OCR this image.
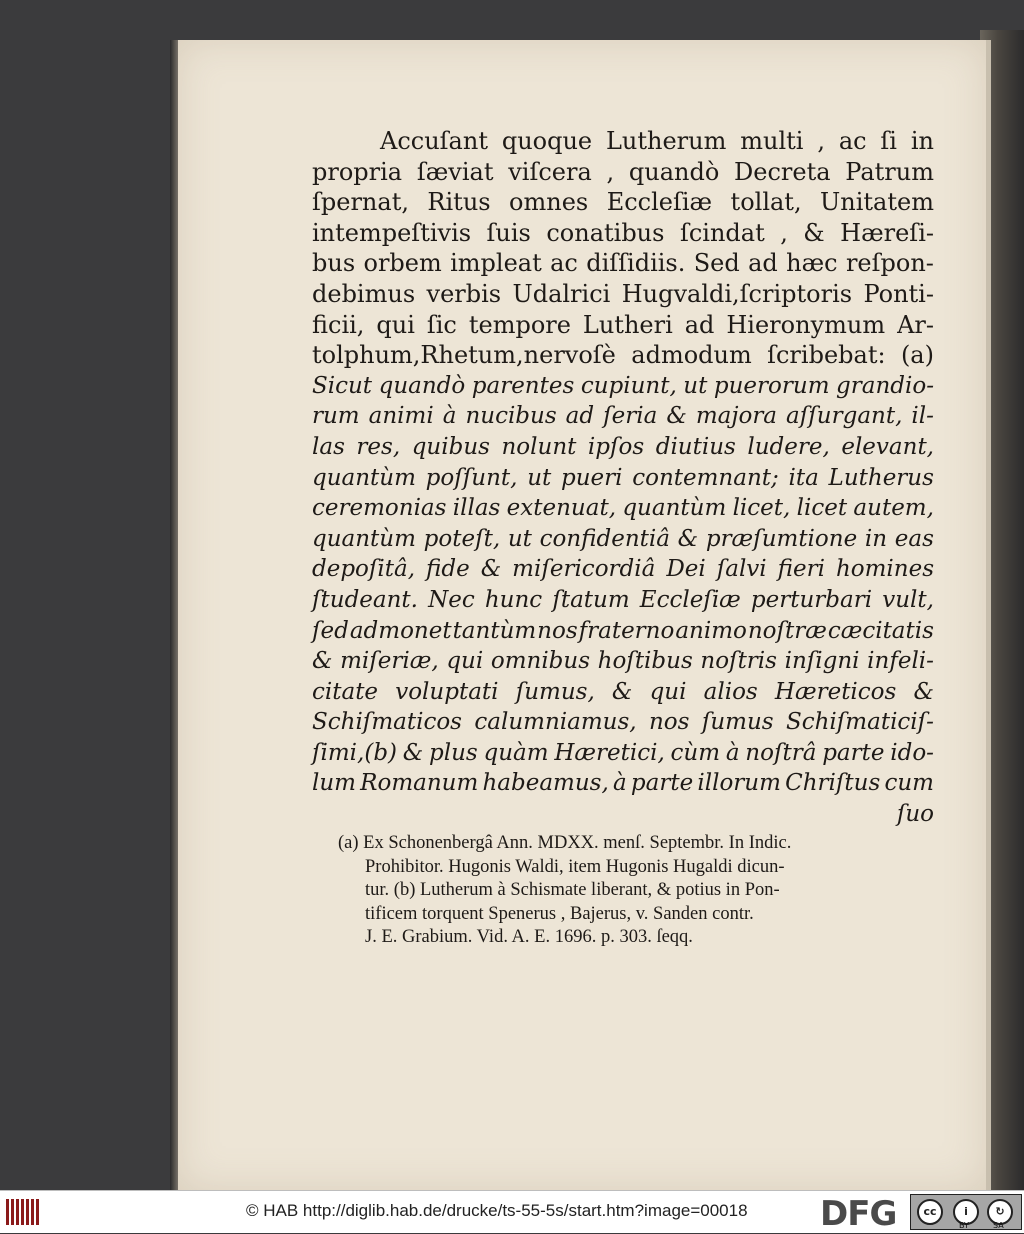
Accuſant quoque Lutherum multi , ac ſi in
propria ſæviat viſcera , quandò Decreta Patrum
ſpernat, Ritus omnes Eccleſiæ tollat, Unitatem
intempeſtivis ſuis conatibus ſcindat , & Hæreſi-
bus orbem impleat ac diſſidiis. Sed ad hæc reſpon-
debimus verbis Udalrici Hugvaldi,ſcriptoris Ponti-
ficii, qui ſic tempore Lutheri ad Hieronymum Ar-
tolphum,Rhetum,nervoſè admodum ſcribebat: (a)
Sicut quandò parentes cupiunt, ut puerorum grandio-
rum animi à nucibus ad ſeria & majora aſſurgant, il-
las res, quibus nolunt ipſos diutius ludere, elevant,
quantùm poſſunt, ut pueri contemnant; ita Lutherus
ceremonias illas extenuat, quantùm licet, licet autem,
quantùm poteſt, ut confidentiâ & præſumtione in eas
depoſitâ, fide & miſericordiâ Dei ſalvi fieri homines
ſtudeant. Nec hunc ſtatum Eccleſiæ perturbari vult,
ſed admonet tantùm nos fraterno animo noſtræ cæcitatis
& miſeriæ, qui omnibus hoſtibus noſtris inſigni infeli-
citate voluptati ſumus, & qui alios Hæreticos &
Schiſmaticos calumniamus, nos ſumus Schiſmaticiſ-
ſimi,(b) & plus quàm Hæretici, cùm à noſtrâ parte ido-
lum Romanum habeamus, à parte illorum Chriſtus cum
ſuo
(a) Ex Schonenbergâ Ann. MDXX. menſ. Septembr. In Indic.
Prohibitor. Hugonis Waldi, item Hugonis Hugaldi dicun-
tur. (b) Lutherum à Schismate liberant, & potius in Pon-
tificem torquent Spenerus , Bajerus, v. Sanden contr.
J. E. Grabium. Vid. A. E. 1696. p. 303. ſeqq.
© HAB http://diglib.hab.de/drucke/ts-55-5s/start.htm?image=00018 DFG	cc	i	↻
BY	SA
